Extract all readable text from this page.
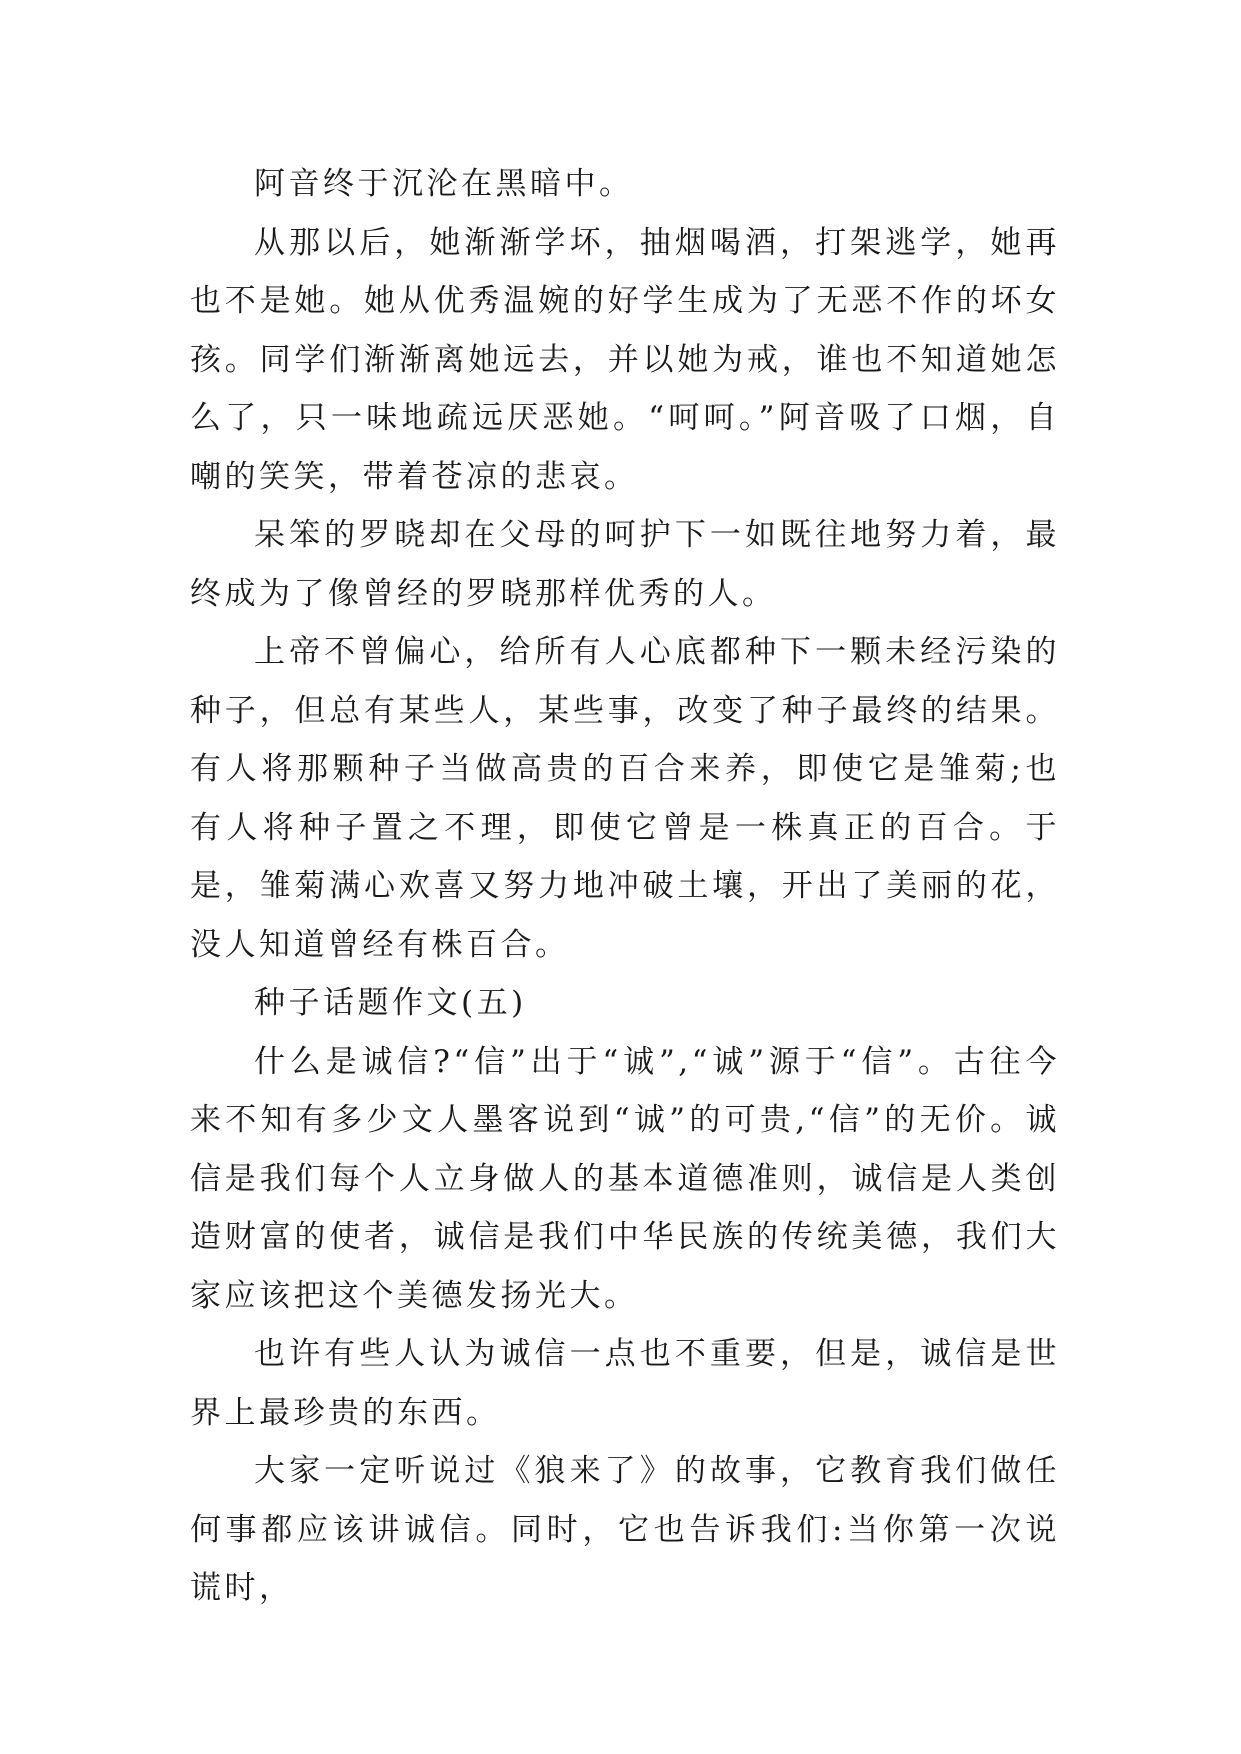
阿音终于沉沦在黑暗中。

从那以后，她渐渐学坏，抽烟喝酒，打架逃学，她再也不是她。她从优秀温婉的好学生成为了无恶不作的坏女孩。同学们渐渐离她远去，并以她为戒，谁也不知道她怎么了，只一味地疏远厌恶她。“呵呵。”阿音吸了口烟，自嘲的笑笑，带着苍凉的悲哀。

呆笨的罗晓却在父母的呵护下一如既往地努力着，最终成为了像曾经的罗晓那样优秀的人。

上帝不曾偏心，给所有人心底都种下一颗未经污染的种子，但总有某些人，某些事，改变了种子最终的结果。有人将那颗种子当做高贵的百合来养，即使它是雏菊;也有人将种子置之不理，即使它曾是一株真正的百合。于是，雏菊满心欢喜又努力地冲破土壤，开出了美丽的花，没人知道曾经有株百合。

种子话题作文(五)

什么是诚信?“信”出于“诚”,“诚”源于“信”。古往今来不知有多少文人墨客说到“诚”的可贵,“信”的无价。诚信是我们每个人立身做人的基本道德准则，诚信是人类创造财富的使者，诚信是我们中华民族的传统美德，我们大家应该把这个美德发扬光大。

也许有些人认为诚信一点也不重要，但是，诚信是世界上最珍贵的东西。

大家一定听说过《狼来了》的故事，它教育我们做任何事都应该讲诚信。同时，它也告诉我们:当你第一次说谎时，
